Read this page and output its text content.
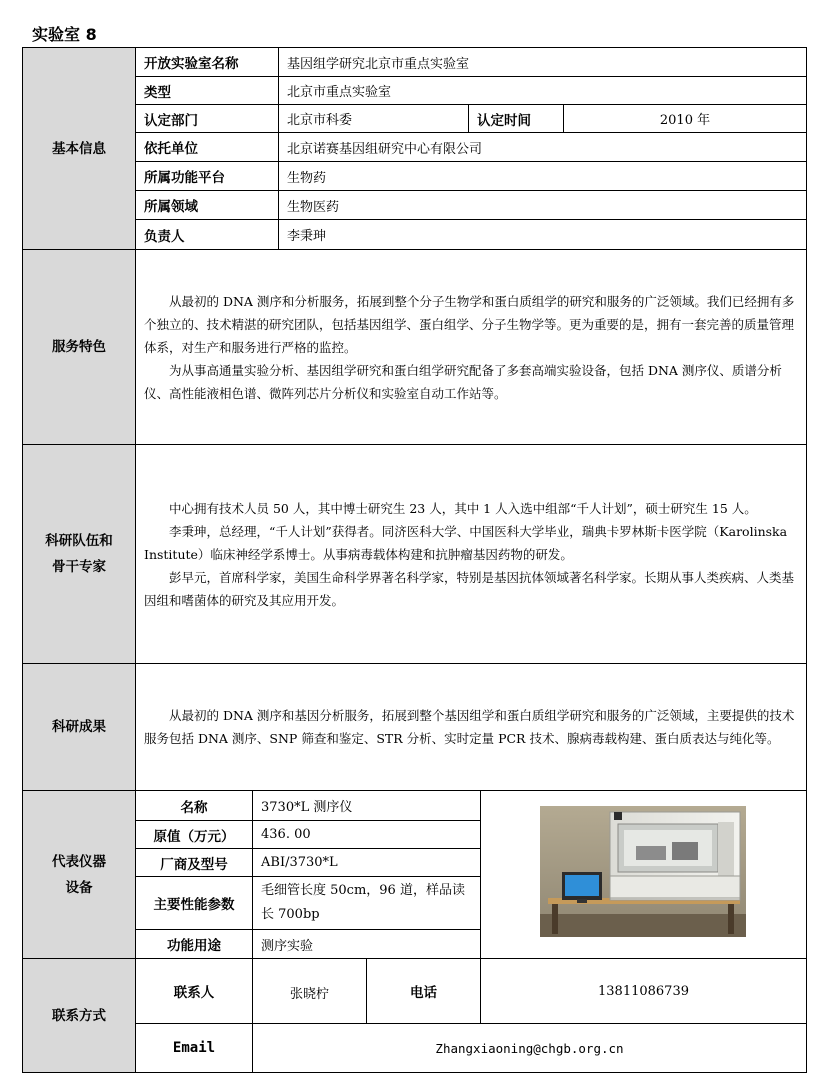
实验室 8
基本信息
开放实验室名称	基因组学研究北京市重点实验室
类型	北京市重点实验室
认定部门	北京市科委	认定时间	2010 年
依托单位	北京诺赛基因组研究中心有限公司
所属功能平台	生物药
所属领域	生物医药
负责人	李秉珅
服务特色

从最初的 DNA 测序和分析服务，拓展到整个分子生物学和蛋白质组学的研究和服务的广泛领域。我们已经拥有多个独立的、技术精湛的研究团队，包括基因组学、蛋白组学、分子生物学等。更为重要的是，拥有一套完善的质量管理体系，对生产和服务进行严格的监控。

为从事高通量实验分析、基因组学研究和蛋白组学研究配备了多套高端实验设备，包括 DNA 测序仪、质谱分析仪、高性能液相色谱、微阵列芯片分析仪和实验室自动工作站等。

科研队伍和
骨干专家

中心拥有技术人员 50 人，其中博士研究生 23 人，其中 1 人入选中组部“千人计划”，硕士研究生 15 人。

李秉珅，总经理，“千人计划”获得者。同济医科大学、中国医科大学毕业，瑞典卡罗林斯卡医学院（Karolinska Institute）临床神经学系博士。从事病毒载体构建和抗肿瘤基因药物的研发。

彭早元，首席科学家，美国生命科学界著名科学家，特别是基因抗体领域著名科学家。长期从事人类疾病、人类基因组和嗜菌体的研究及其应用开发。

科研成果

从最初的 DNA 测序和基因分析服务，拓展到整个基因组学和蛋白质组学研究和服务的广泛领域，主要提供的技术服务包括 DNA 测序、SNP 筛查和鉴定、STR 分析、实时定量 PCR 技术、腺病毒载构建、蛋白质表达与纯化等。

代表仪器
设备
名称	3730*L 测序仪
原值（万元） 436. 00
厂商及型号	ABI/3730*L
主要性能参数
毛细管长度 50cm，96 道，样品读长 700bp
功能用途	测序实验
联系方式
联系人	张晓柠	电话	13811086739
Email	Zhangxiaoning@chgb.org.cn
